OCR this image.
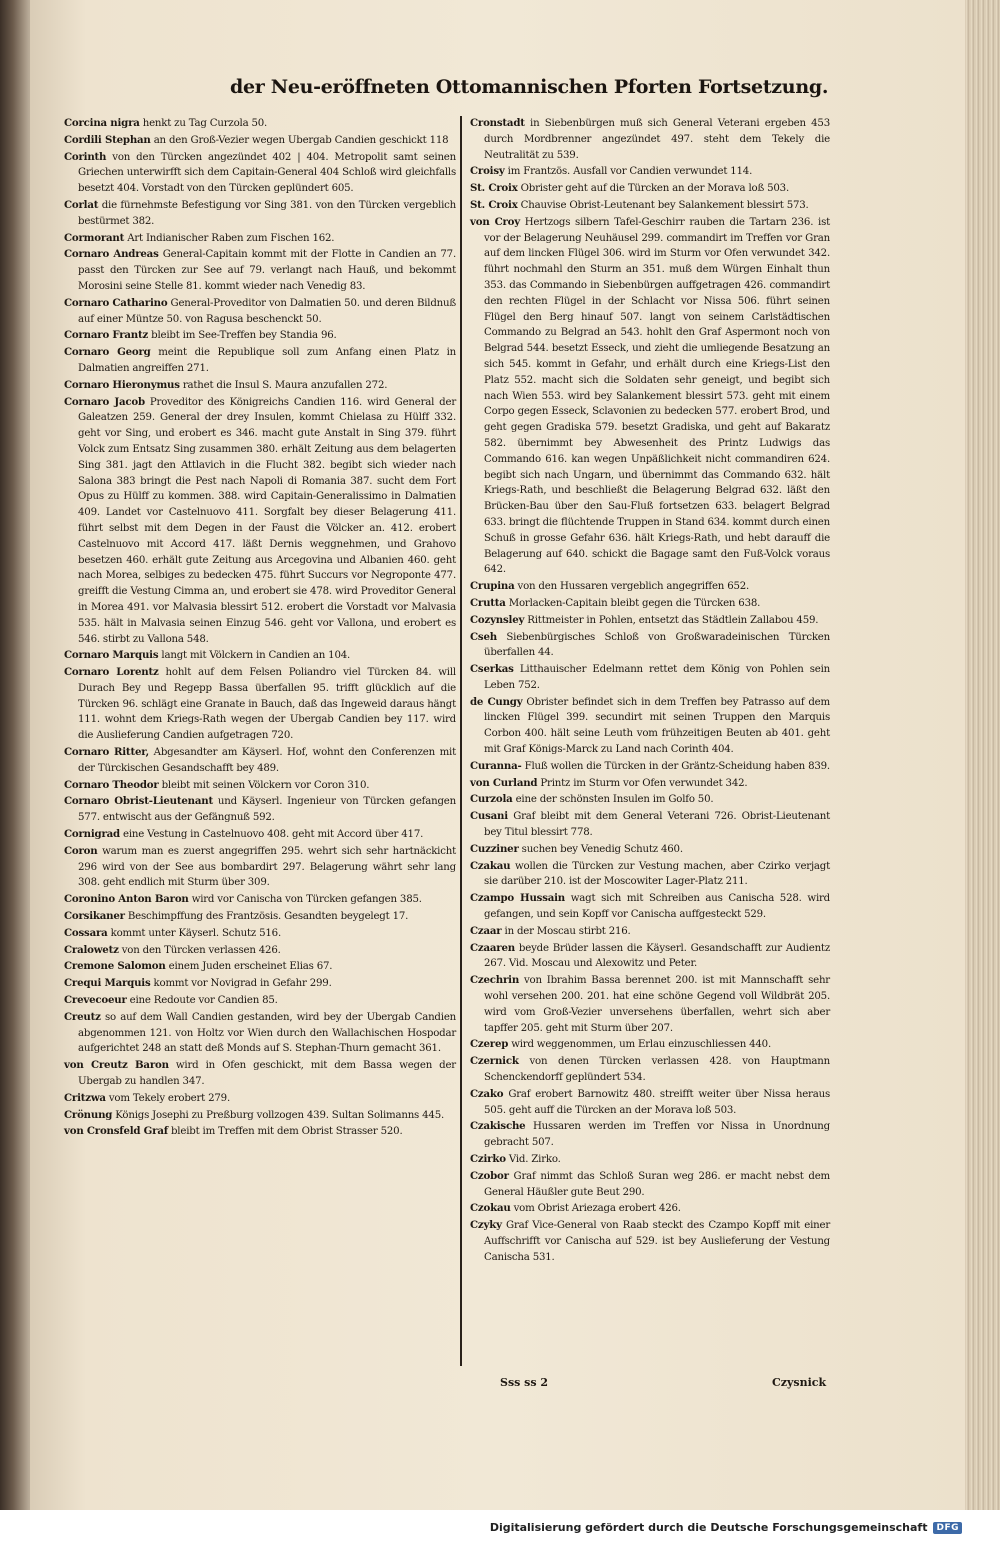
der Neu-eröffneten Ottomannischen Pforten Fortsetzung.
Corcina nigra henkt zu Tag Curzola 50.
Cordili Stephan an den Groß-Vezier wegen Ubergab Candien geschickt 118
Corinth von den Türcken angezündet 402 | 404. Metropolit samt seinen Griechen unterwirfft sich dem Capitain-General 404 Schloß wird gleichfalls besetzt 404. Vorstadt von den Türcken geplündert 605.
Corlat die fürnehmste Befestigung vor Sing 381. von den Türcken vergeblich bestürmet 382.
Cormorant Art Indianischer Raben zum Fischen 162.
Cornaro Andreas General-Capitain kommt mit der Flotte in Candien an 77. passt den Türcken zur See auf 79. verlangt nach Hauß, und bekommt Morosini seine Stelle 81. kommt wieder nach Venedig 83.
Cornaro Catharino General-Proveditor von Dalmatien 50. und deren Bildnuß auf einer Müntze 50. von Ragusa beschenckt 50.
Cornaro Frantz bleibt im See-Treffen bey Standia 96.
Cornaro Georg meint die Republique soll zum Anfang einen Platz in Dalmatien angreiffen 271.
Cornaro Hieronymus rathet die Insul S. Maura anzufallen 272.
Cornaro Jacob Proveditor des Königreichs Candien 116. wird General der Galeatzen 259. General der drey Insulen, kommt Chielasa zu Hülff 332. geht vor Sing, und erobert es 346. macht gute Anstalt in Sing 379. führt Volck zum Entsatz Sing zusammen 380. erhält Zeitung aus dem belagerten Sing 381. jagt den Attlavich in die Flucht 382. begibt sich wieder nach Salona 383 bringt die Pest nach Napoli di Romania 387. sucht dem Fort Opus zu Hülff zu kommen. 388. wird Capitain-Generalissimo in Dalmatien 409. Landet vor Castelnuovo 411. Sorgfalt bey dieser Belagerung 411. führt selbst mit dem Degen in der Faust die Völcker an. 412. erobert Castelnuovo mit Accord 417. läßt Dernis weggnehmen, und Grahovo besetzen 460. erhält gute Zeitung aus Arcegovina und Albanien 460. geht nach Morea, selbiges zu bedecken 475. führt Succurs vor Negroponte 477. greifft die Vestung Cimma an, und erobert sie 478. wird Proveditor General in Morea 491. vor Malvasia blessirt 512. erobert die Vorstadt vor Malvasia 535. hält in Malvasia seinen Einzug 546. geht vor Vallona, und erobert es 546. stirbt zu Vallona 548.
Cornaro Marquis langt mit Völckern in Candien an 104.
Cornaro Lorentz hohlt auf dem Felsen Poliandro viel Türcken 84. will Durach Bey und Regepp Bassa überfallen 95. trifft glücklich auf die Türcken 96. schlägt eine Granate in Bauch, daß das Ingeweid daraus hängt 111. wohnt dem Kriegs-Rath wegen der Ubergab Candien bey 117. wird die Auslieferung Candien aufgetragen 720.
Cornaro Ritter, Abgesandter am Käyserl. Hof, wohnt den Conferenzen mit der Türckischen Gesandschafft bey 489.
Cornaro Theodor bleibt mit seinen Völckern vor Coron 310.
Cornaro Obrist-Lieutenant und Käyserl. Ingenieur von Türcken gefangen 577. entwischt aus der Gefängnuß 592.
Cornigrad eine Vestung in Castelnuovo 408. geht mit Accord über 417.
Coron warum man es zuerst angegriffen 295. wehrt sich sehr hartnäckicht 296 wird von der See aus bombardirt 297. Belagerung währt sehr lang 308. geht endlich mit Sturm über 309.
Coronino Anton Baron wird vor Canischa von Türcken gefangen 385.
Corsikaner Beschimpffung des Frantzösis. Gesandten beygelegt 17.
Cossara kommt unter Käyserl. Schutz 516.
Cralowetz von den Türcken verlassen 426.
Cremone Salomon einem Juden erscheinet Elias 67.
Crequi Marquis kommt vor Novigrad in Gefahr 299.
Crevecoeur eine Redoute vor Candien 85.
Creutz so auf dem Wall Candien gestanden, wird bey der Ubergab Candien abgenommen 121. von Holtz vor Wien durch den Wallachischen Hospodar aufgerichtet 248 an statt deß Monds auf S. Stephan-Thurn gemacht 361.
von Creutz Baron wird in Ofen geschickt, mit dem Bassa wegen der Ubergab zu handlen 347.
Critzwa vom Tekely erobert 279.
Crönung Königs Josephi zu Preßburg vollzogen 439. Sultan Solimanns 445.
von Cronsfeld Graf bleibt im Treffen mit dem Obrist Strasser 520.
Cronstadt in Siebenbürgen muß sich General Veterani ergeben 453 durch Mordbrenner angezündet 497. steht dem Tekely die Neutralität zu 539.
Croisy im Frantzös. Ausfall vor Candien verwundet 114.
St. Croix Obrister geht auf die Türcken an der Morava loß 503.
St. Croix Chauvise Obrist-Leutenant bey Salankement blessirt 573.
von Croy Hertzogs silbern Tafel-Geschirr rauben die Tartarn 236. ist vor der Belagerung Neuhäusel 299. commandirt im Treffen vor Gran auf dem lincken Flügel 306. wird im Sturm vor Ofen verwundet 342. führt nochmahl den Sturm an 351. muß dem Würgen Einhalt thun 353. das Commando in Siebenbürgen auffgetragen 426. commandirt den rechten Flügel in der Schlacht vor Nissa 506. führt seinen Flügel den Berg hinauf 507. langt von seinem Carlstädtischen Commando zu Belgrad an 543. hohlt den Graf Aspermont noch von Belgrad 544. besetzt Esseck, und zieht die umliegende Besatzung an sich 545. kommt in Gefahr, und erhält durch eine Kriegs-List den Platz 552. macht sich die Soldaten sehr geneigt, und begibt sich nach Wien 553. wird bey Salankement blessirt 573. geht mit einem Corpo gegen Esseck, Sclavonien zu bedecken 577. erobert Brod, und geht gegen Gradiska 579. besetzt Gradiska, und geht auf Bakaratz 582. übernimmt bey Abwesenheit des Printz Ludwigs das Commando 616. kan wegen Unpäßlichkeit nicht commandiren 624. begibt sich nach Ungarn, und übernimmt das Commando 632. hält Kriegs-Rath, und beschließt die Belagerung Belgrad 632. läßt den Brücken-Bau über den Sau-Fluß fortsetzen 633. belagert Belgrad 633. bringt die flüchtende Truppen in Stand 634. kommt durch einen Schuß in grosse Gefahr 636. hält Kriegs-Rath, und hebt darauff die Belagerung auf 640. schickt die Bagage samt den Fuß-Volck voraus 642.
Crupina von den Hussaren vergeblich angegriffen 652.
Crutta Morlacken-Capitain bleibt gegen die Türcken 638.
Cozynsley Rittmeister in Pohlen, entsetzt das Städtlein Zallabou 459.
Cseh Siebenbürgisches Schloß von Großwaradeinischen Türcken überfallen 44.
Cserkas Litthauischer Edelmann rettet dem König von Pohlen sein Leben 752.
de Cungy Obrister befindet sich in dem Treffen bey Patrasso auf dem lincken Flügel 399. secundirt mit seinen Truppen den Marquis Corbon 400. hält seine Leuth vom frühzeitigen Beuten ab 401. geht mit Graf Königs-Marck zu Land nach Corinth 404.
Curanna- Fluß wollen die Türcken in der Gräntz-Scheidung haben 839.
von Curland Printz im Sturm vor Ofen verwundet 342.
Curzola eine der schönsten Insulen im Golfo 50.
Cusani Graf bleibt mit dem General Veterani 726. Obrist-Lieutenant bey Titul blessirt 778.
Cuzziner suchen bey Venedig Schutz 460.
Czakau wollen die Türcken zur Vestung machen, aber Czirko verjagt sie darüber 210. ist der Moscowiter Lager-Platz 211.
Czampo Hussain wagt sich mit Schreiben aus Canischa 528. wird gefangen, und sein Kopff vor Canischa auffgesteckt 529.
Czaar in der Moscau stirbt 216.
Czaaren beyde Brüder lassen die Käyserl. Gesandschafft zur Audientz 267. Vid. Moscau und Alexowitz und Peter.
Czechrin von Ibrahim Bassa berennet 200. ist mit Mannschafft sehr wohl versehen 200. 201. hat eine schöne Gegend voll Wildbrät 205. wird vom Groß-Vezier unversehens überfallen, wehrt sich aber tapffer 205. geht mit Sturm über 207.
Czerep wird weggenommen, um Erlau einzuschliessen 440.
Czernick von denen Türcken verlassen 428. von Hauptmann Schenckendorff geplündert 534.
Czako Graf erobert Barnowitz 480. streifft weiter über Nissa heraus 505. geht auff die Türcken an der Morava loß 503.
Czakische Hussaren werden im Treffen vor Nissa in Unordnung gebracht 507.
Czirko Vid. Zirko.
Czobor Graf nimmt das Schloß Suran weg 286. er macht nebst dem General Häußler gute Beut 290.
Czokau vom Obrist Ariezaga erobert 426.
Czyky Graf Vice-General von Raab steckt des Czampo Kopff mit einer Auffschrifft vor Canischa auf 529. ist bey Auslieferung der Vestung Canischa 531.
Sss ss 2	Czysnick
Digitalisierung gefördert durch die Deutsche Forschungsgemeinschaft	DFG
